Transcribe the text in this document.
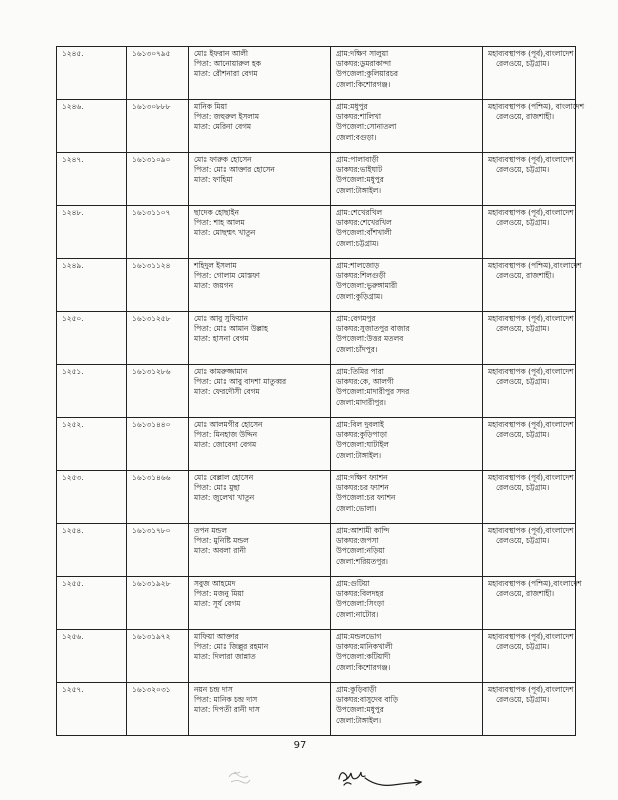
১২৪৫.	১৬১৩০৭৯৫	মোঃ ইফরান আলী
পিতা: আনোয়ারুল হক
মাতা: রৌশনারা বেগম	গ্রাম:দক্ষিণ সালুয়া
ডাকঘর:ডুমরাকান্দা
উপজেলা:কুলিয়ারচর
জেলা:কিশোরগঞ্জ।	মহাব্যবস্থাপক (পূর্ব),বাংলাদেশ
রেলওয়ে, চট্টগ্রাম।

১২৪৬.	১৬১৩০৮৮৮	মানিক মিয়া
পিতা: জহুরুল ইসলাম
মাতা: মেরিনা বেগম	গ্রাম:মধুপুর
ডাকঘর:শালিখা
উপজেলা:সোনাতলা
জেলা:বগুড়া।	মহাব্যবস্থাপক (পশ্চিম), বাংলাদেশ
রেলওয়ে, রাজশাহী।

১২৪৭.	১৬১৩১০৯০	মোঃ ফারুক হোসেন
পিতা: মোঃ আক্তার হোসেন
মাতা: ফাহিমা	গ্রাম:পালাবাড়ী
ডাকঘর:ভাইঘাট
উপজেলা:মধুপুর
জেলা:টাঙ্গাইল।	মহাব্যবস্থাপক (পূর্ব),বাংলাদেশ
রেলওয়ে, চট্টগ্রাম।

১২৪৮.	১৬১৩১১০৭	ছাদেক হোছাইন
পিতা: শাহ আলম
মাতা: মোছম্মৎ খাতুন	গ্রাম:শেখেরখিল
ডাকঘর:শেখেরখিল
উপজেলা:বাঁশখালী
জেলা:চট্টগ্রাম।	মহাব্যবস্থাপক (পূর্ব),বাংলাদেশ
রেলওয়ে, চট্টগ্রাম।

১২৪৯.	১৬১৩১১২৪	শহিদুল ইসলাম
পিতা: গোলাম মোস্তফা
মাতা: জয়গন	গ্রাম:শালজোড়
ডাকঘর:শিলগুড়ী
উপজেলা:ভুরুঙ্গামারী
জেলা:কুড়িগ্রাম।	মহাব্যবস্থাপক (পশ্চিম),বাংলাদেশ
রেলওয়ে, রাজশাহী।

১২৫০.	১৬১৩১২৫৮	মোঃ আবু সুফিয়ান
পিতা: মোঃ আমান উল্লাহ
মাতা: হাসনা বেগম	গ্রাম:বেগমপুর
ডাকঘর:সুজাতপুর বাজার
উপজেলা:উত্তর মতলব
জেলা:চাঁদপুর।	মহাব্যবস্থাপক (পূর্ব),বাংলাদেশ
রেলওয়ে, চট্টগ্রাম।

১২৫১.	১৬১৩১২৮৬	মোঃ কামরুজ্জামান
পিতা: মোঃ আবু বাদশা মাতুব্বর
মাতা: ফেরদৌসী বেগম	গ্রাম:তিমির পারা
ডাকঘর:কে, আলগী
উপজেলা:মাদারীপুর সদর
জেলা:মাদারীপুর।	মহাব্যবস্থাপক (পূর্ব),বাংলাদেশ
রেলওয়ে, চট্টগ্রাম।

১২৫২.	১৬১৩১৪৪০	মোঃ আলমগীর হোসেন
পিতা: মিনহাজ উদ্দিন
মাতা: জোবেদা বেগম	গ্রাম:বিল দুবলাই
ডাকঘর:কুড়িপাড়া
উপজেলা:ঘাটাইল
জেলা:টাঙ্গাইল।	মহাব্যবস্থাপক (পূর্ব),বাংলাদেশ
রেলওয়ে, চট্টগ্রাম।

১২৫৩.	১৬১৩১৪৬৬	মোঃ বেল্লাল হোসেন
পিতা: মোঃ মুছা
মাতা: জুলেখা খাতুন	গ্রাম:দক্ষিণ ফ্যাশন
ডাকঘর:চর ফ্যাশন
উপজেলা:চর ফ্যাশন
জেলা:ভোলা।	মহাব্যবস্থাপক (পূর্ব),বাংলাদেশ
রেলওয়ে, চট্টগ্রাম।

১২৫৪.	১৬১৩১৭৮০	তপন মন্ডল
পিতা: মুনিষ্টি মন্ডল
মাতা: অবলা রানী	গ্রাম:আশামী কান্দি
ডাকঘর:জপসা
উপজেলা:নড়িয়া
জেলা:শরিয়তপুর।	মহাব্যবস্থাপক (পূর্ব),বাংলাদেশ
রেলওয়ে, চট্টগ্রাম।

১২৫৫.	১৬১৩১৯২৮	সবুজ আহমেদ
পিতা: মজনু মিয়া
মাতা: সূর্য বেগম	গ্রাম:গুটিয়া
ডাকঘর:বিলদহর
উপজেলা:সিংড়া
জেলা:নাটোর।	মহাব্যবস্থাপক (পশ্চিম),বাংলাদেশ
রেলওয়ে, রাজশাহী।

১২৫৬.	১৬১৩১৯৭২	মাফিয়া আক্তার
পিতা: মোঃ জিল্লুর রহমান
মাতা: দিলারা জান্নাত	গ্রাম:মন্ডলভোগ
ডাকঘর:মানিকখালী
উপজেলা:কটিয়াদী
জেলা:কিশোরগঞ্জ।	মহাব্যবস্থাপক (পূর্ব),বাংলাদেশ
রেলওয়ে, চট্টগ্রাম।

১২৫৭.	১৬১৩২০৩১	নয়ন চন্দ্র দাস
পিতা: মানিক চন্দ্র দাস
মাতা: দিপতী রানী দাস	গ্রাম:কুড়িবাড়ী
ডাকঘর:বাসুদেব বাড়ি
উপজেলা:মধুপুর
জেলা:টাঙ্গাইল।	মহাব্যবস্থাপক (পূর্ব),বাংলাদেশ
রেলওয়ে, চট্টগ্রাম।
97
